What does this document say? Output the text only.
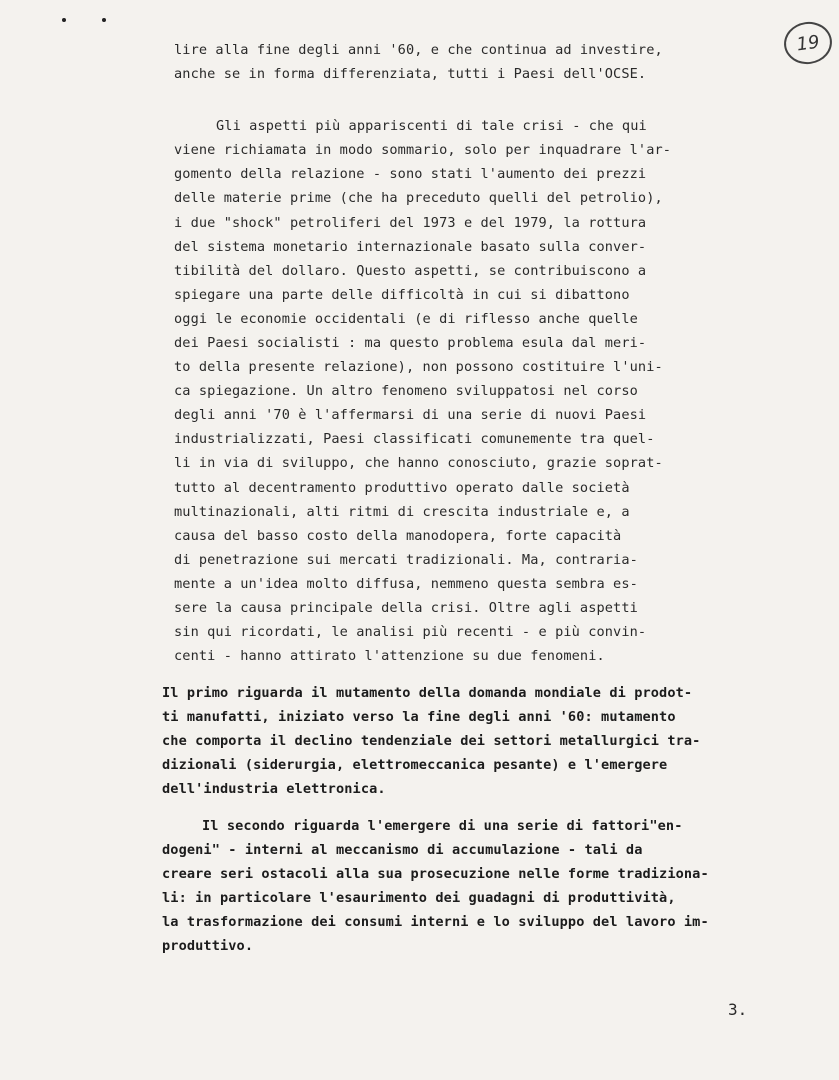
19
lire alla fine degli anni '60, e che continua ad investire,
anche se in forma differenziata, tutti i Paesi dell'OCSE.
Gli aspetti più appariscenti di tale crisi - che qui
viene richiamata in modo sommario, solo per inquadrare l'ar-
gomento della relazione - sono stati l'aumento dei prezzi
delle materie prime (che ha preceduto quelli del petrolio),
i due "shock" petroliferi del 1973 e del 1979, la rottura
del sistema monetario internazionale basato sulla conver-
tibilità del dollaro. Questo aspetti, se contribuiscono a
spiegare una parte delle difficoltà in cui si dibattono
oggi le economie occidentali (e di riflesso anche quelle
dei Paesi socialisti : ma questo problema esula dal meri-
to della presente relazione), non possono costituire l'uni-
ca spiegazione. Un altro fenomeno sviluppatosi nel corso
degli anni '70 è l'affermarsi di una serie di nuovi Paesi
industrializzati, Paesi classificati comunemente tra quel-
li in via di sviluppo, che hanno conosciuto, grazie soprat-
tutto al decentramento produttivo operato dalle società
multinazionali, alti ritmi di crescita industriale e, a
causa del basso costo della manodopera, forte capacità
di penetrazione sui mercati tradizionali. Ma, contraria-
mente a un'idea molto diffusa, nemmeno questa sembra es-
sere la causa principale della crisi. Oltre agli aspetti
sin qui ricordati, le analisi più recenti - e più convin-
centi - hanno attirato l'attenzione su due fenomeni.
Il primo riguarda il mutamento della domanda mondiale di prodot-
ti manufatti, iniziato verso la fine degli anni '60: mutamento
che comporta il declino tendenziale dei settori metallurgici tra-
dizionali (siderurgia, elettromeccanica pesante) e l'emergere
dell'industria elettronica.
Il secondo riguarda l'emergere di una serie di fattori"en-
dogeni" - interni al meccanismo di accumulazione - tali da
creare seri ostacoli alla sua prosecuzione nelle forme tradiziona-
li: in particolare l'esaurimento dei guadagni di produttività,
la trasformazione dei consumi interni e lo sviluppo del lavoro im-
produttivo.
3.
